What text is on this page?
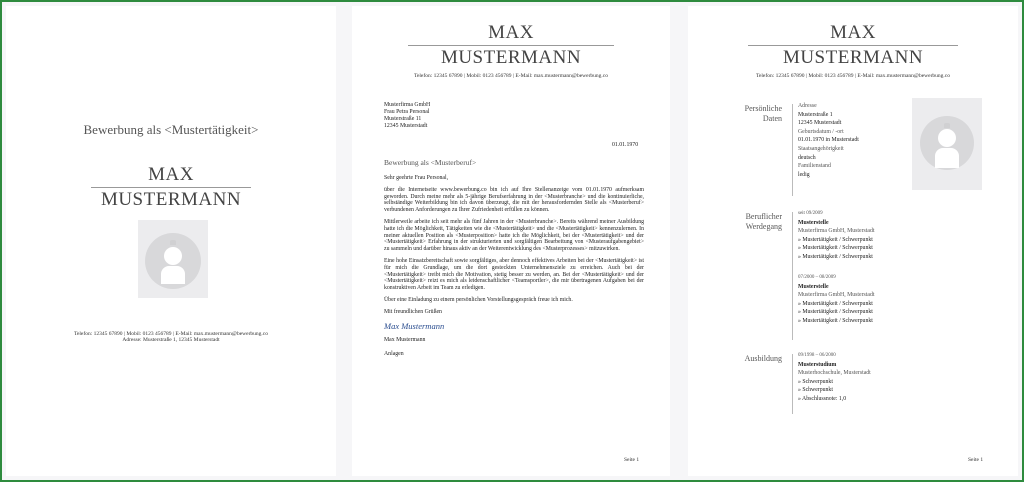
Bewerbung als <Mustertätigkeit>
MAX
MUSTERMANN
Telefon: 12345 67890 | Mobil: 0123 456789 | E-Mail: max.mustermann@bewerbung.co
Adresse: Musterstraße 1, 12345 Musterstadt
MAX
MUSTERMANN
Telefon: 12345 67890 | Mobil: 0123 456789 | E-Mail: max.mustermann@bewerbung.co
Musterfirma GmbH
Frau Petra Personal
Musterstraße 11
12345 Musterstadt
01.01.1970
Bewerbung als <Musterberuf>

Sehr geehrte Frau Personal,

über die Internetseite www.bewerbung.co bin ich auf Ihre Stellenanzeige vom 01.01.1970 aufmerksam geworden. Durch meine mehr als 5-jährige Berufserfahrung in der <Musterbranche> und die kontinuierliche, selbständige Weiterbildung bin ich davon überzeugt, die mit der herausfordernden Stelle als <Musterberuf> verbundenen Anforderungen zu Ihrer Zufriedenheit erfüllen zu können.

Mittlerweile arbeite ich seit mehr als fünf Jahren in der <Musterbranche>. Bereits während meiner Ausbildung hatte ich die Möglichkeit, Tätigkeiten wie die <Mustertätigkeit> und die <Mustertätigkeit> kennenzulernen. In meiner aktuellen Position als <Musterposition> hatte ich die Möglichkeit, bei der <Mustertätigkeit> und der <Mustertätigkeit> Erfahrung in der strukturierten und sorgfältigen Bearbeitung von <Musteraufgabengebiet> zu sammeln und darüber hinaus aktiv an der Weiterentwicklung des <Musterprozesses> mitzuwirken.

Eine hohe Einsatzbereitschaft sowie sorgfältiges, aber dennoch effektives Arbeiten bei der <Mustertätigkeit> ist für mich die Grundlage, um die dort gesteckten Unternehmensziele zu erreichen. Auch bei der <Mustertätigkeit> treibt mich die Motivation, stetig besser zu werden, an. Bei der <Mustertätigkeit> und der <Mustertätigkeit> reizt es mich als leidenschaftlicher <Teamsportler>, die mir übertragenen Aufgaben bei der konstruktiven Arbeit im Team zu erledigen.

Über eine Einladung zu einem persönlichen Vorstellungsgespräch freue ich mich.

Mit freundlichen Grüßen

Max Mustermann

Max Mustermann

Anlagen

Seite 1
MAX
MUSTERMANN
Telefon: 12345 67890 | Mobil: 0123 456789 | E-Mail: max.mustermann@bewerbung.co
Persönliche
Daten
Adresse
Musterstraße 1
12345 Musterstadt
Geburtsdatum / -ort
01.01.1970 in Musterstadt
Staatsangehörigkeit
deutsch
Familienstand
ledig
Beruflicher
Werdegang
seit 09/2009
Musterstelle
Musterfirma GmbH, Musterstadt
» Mustertätigkeit / Schwerpunkt
» Mustertätigkeit / Schwerpunkt
» Mustertätigkeit / Schwerpunkt
07/2000 – 08/2009
Musterstelle
Musterfirma GmbH, Musterstadt
» Mustertätigkeit / Schwerpunkt
» Mustertätigkeit / Schwerpunkt
» Mustertätigkeit / Schwerpunkt
Ausbildung	09/1998 – 06/2000
Musterstudium
Musterhochschule, Musterstadt
» Schwerpunkt
» Schwerpunkt
» Abschlussnote: 1,0
Seite 1
